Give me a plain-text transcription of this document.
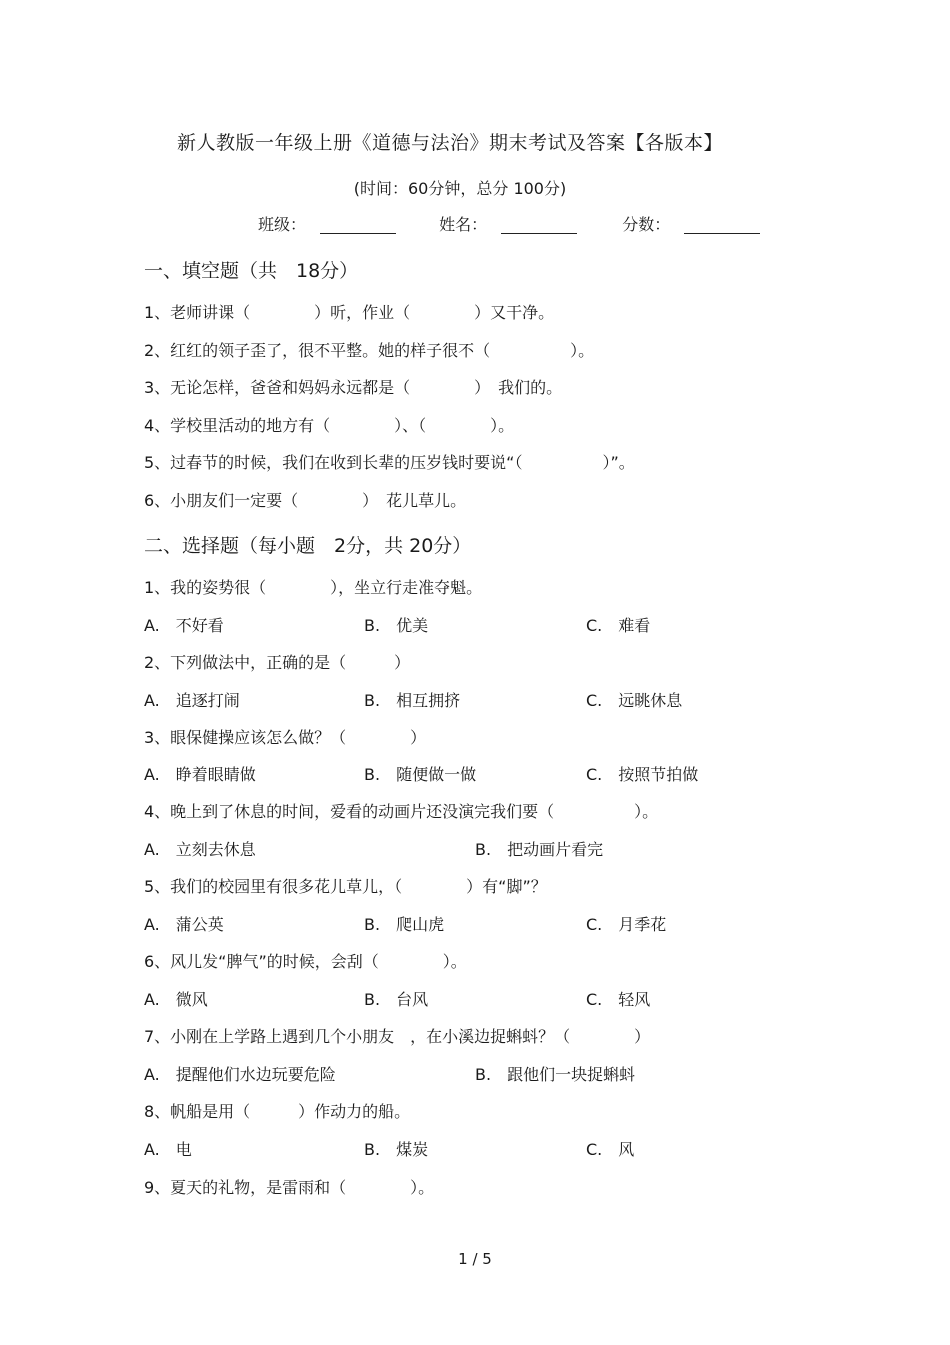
新人教版一年级上册《道德与法治》期末考试及答案【各版本】
(时间：60分钟，总分 100分)
班级：	姓名：	分数：
一、填空题（共　18分）
1、老师讲课（　　　　）听，作业（　　　　）又干净。
2、红红的领子歪了，很不平整。她的样子很不（　　　　　）。
3、无论怎样，爸爸和妈妈永远都是（　　　　）　我们的。
4、学校里活动的地方有（　　　　）、（　　　　）。
5、过春节的时候，我们在收到长辈的压岁钱时要说“（　　　　　）”。
6、小朋友们一定要（　　　　）　花儿草儿。
二、选择题（每小题　2分，共 20分）
1、我的姿势很（　　　　），坐立行走准夺魁。
A.　不好看	B.　优美	C.　难看
2、下列做法中，正确的是（　　　）
A.　追逐打闹	B.　相互拥挤	C.　远眺休息
3、眼保健操应该怎么做？（　　　　）
A.　睁着眼睛做	B.　随便做一做	C.　按照节拍做
4、晚上到了休息的时间，爱看的动画片还没演完我们要（　　　　　）。
A.　立刻去休息	B.　把动画片看完
5、我们的校园里有很多花儿草儿，（　　　　）有“脚”？
A.　蒲公英	B.　爬山虎	C.　月季花
6、风儿发“脾气”的时候，会刮（　　　　）。
A.　微风	B.　台风	C.　轻风
7、小刚在上学路上遇到几个小朋友　，在小溪边捉蝌蚪？（　　　　）
A.　提醒他们水边玩要危险	B.　跟他们一块捉蝌蚪
8、帆船是用（　　　）作动力的船。
A.　电	B.　煤炭	C.　风
9、夏天的礼物，是雷雨和（　　　　）。
1 / 5
